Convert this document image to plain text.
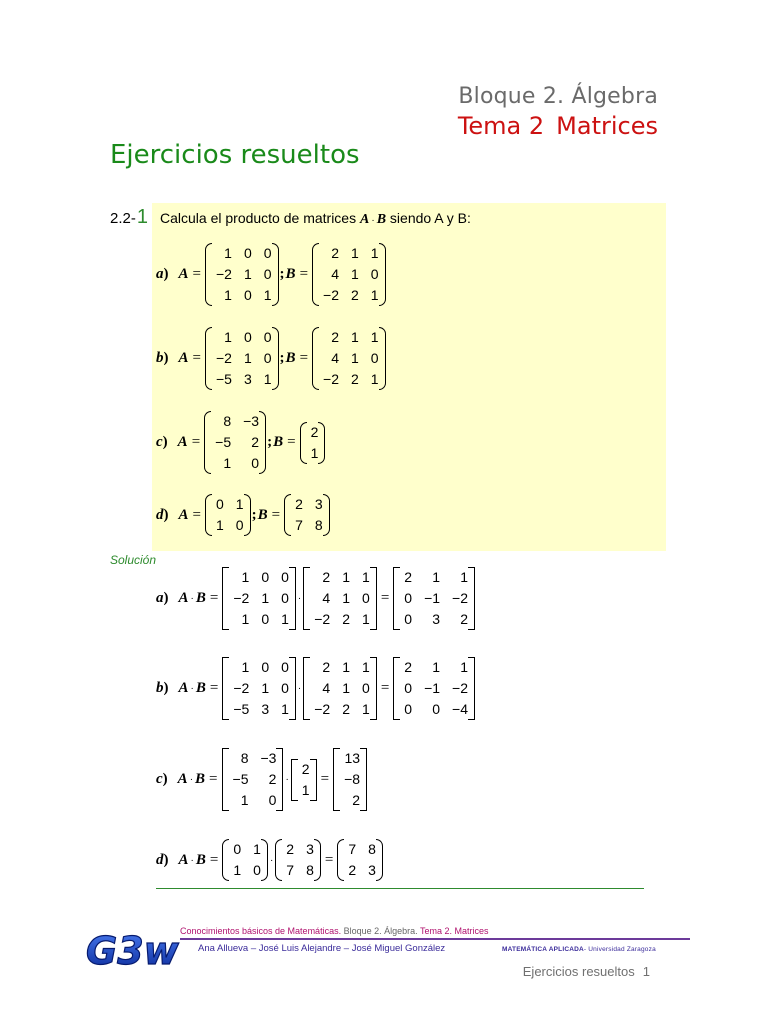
Bloque 2. Álgebra
Tema 2 Matrices
Ejercicios resueltos
2.2-1 Calcula el producto de matrices A · B siendo A y B:
a) A =
1	0	0
−2	1	0
1	0	1
; B =
2	1	1
4	1	0
−2	2	1
b) A =
1	0	0
−2	1	0
−5	3	1
; B =
2	1	1
4	1	0
−2	2	1
c) A =
8	−3
−5	2
1	0
; B =
2
1
d) A =
0	1
1	0
; B =
2	3
7	8
Solución
a) A · B =
1	0	0
−2	1	0
1	0	1
·
2	1	1
4	1	0
−2	2	1
=
2	1	1
0	−1	−2
0	3	2
b) A · B =
1	0	0
−2	1	0
−5	3	1
·
2	1	1
4	1	0
−2	2	1
=
2	1	1
0	−1	−2
0	0	−4
c) A · B =
8	−3
−5	2
1	0
·
2
1
=
13
−8
2
d) A · B =
0	1
1	0
·
2	3
7	8
=
7	8
2	3
G3w Conocimientos básicos de Matemáticas. Bloque 2. Álgebra. Tema 2. Matrices
Ana Allueva – José Luis Alejandre – José Miguel González	MATEMÁTICA APLICADA- Universidad Zaragoza
Ejercicios resueltos 1
